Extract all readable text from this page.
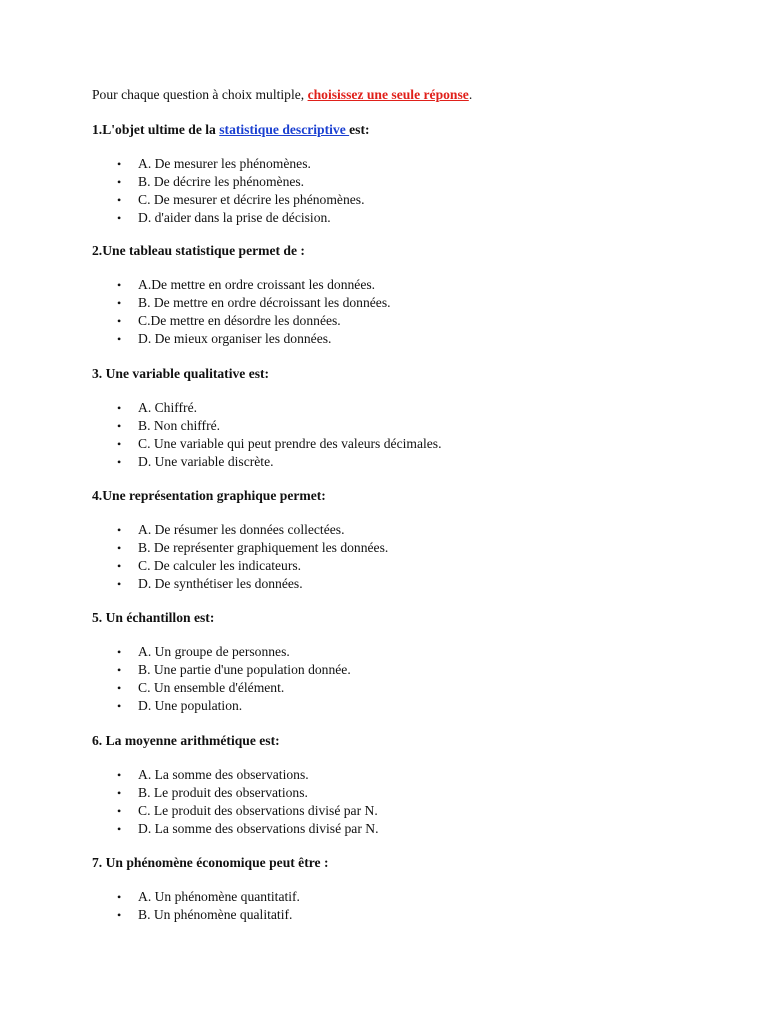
Pour chaque question à choix multiple, choisissez une seule réponse.

1.L'objet ultime de la statistique descriptive est:

• A. De mesurer les phénomènes.
• B. De décrire les phénomènes.
• C. De mesurer et décrire les phénomènes.
• D. d'aider dans la prise de décision.

2.Une tableau statistique permet de :

• A.De mettre en ordre croissant les données.
• B. De mettre en ordre décroissant les données.
• C.De mettre en désordre les données.
• D. De mieux organiser les données.

3. Une variable qualitative est:

• A. Chiffré.
• B. Non chiffré.
• C. Une variable qui peut prendre des valeurs décimales.
• D. Une variable discrète.

4.Une représentation graphique permet:

• A. De résumer les données collectées.
• B. De représenter graphiquement les données.
• C. De calculer les indicateurs.
• D. De synthétiser les données.

5. Un échantillon est:

• A. Un groupe de personnes.
• B. Une partie d'une population donnée.
• C. Un ensemble d'élément.
• D. Une population.

6. La moyenne arithmétique est:

• A. La somme des observations.
• B. Le produit des observations.
• C. Le produit des observations divisé par N.
• D. La somme des observations divisé par N.

7. Un phénomène économique peut être :

• A. Un phénomène quantitatif.
• B. Un phénomène qualitatif.
